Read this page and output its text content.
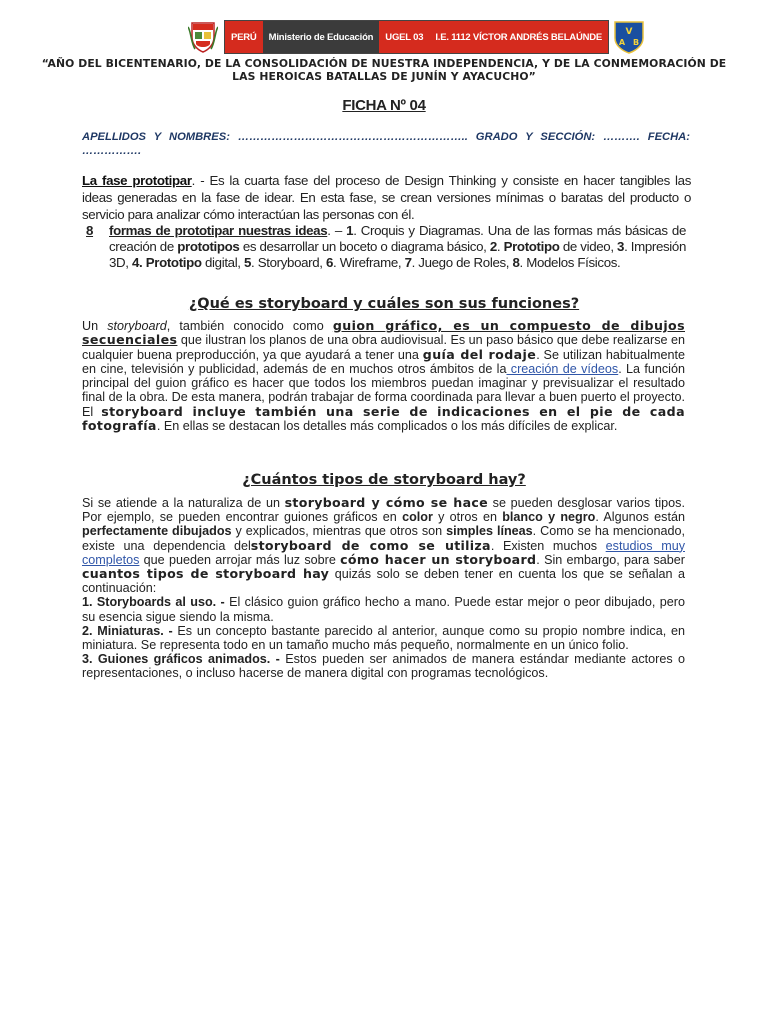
PERÚ	Ministerio de Educación	UGEL 03	I.E. 1112 VÍCTOR ANDRÉS BELAÚNDE	V
A B
“AÑO DEL BICENTENARIO, DE LA CONSOLIDACIÓN DE NUESTRA INDEPENDENCIA, Y DE LA CONMEMORACIÓN DE LAS HEROICAS BATALLAS DE JUNÍN Y AYACUCHO”
FICHA Nº 04
APELLIDOS Y NOMBRES: …………………………………………………….. GRADO Y SECCIÓN: ………. FECHA: …………….
La fase prototipar. - Es la cuarta fase del proceso de Design Thinking y consiste en hacer tangibles las ideas generadas en la fase de idear. En esta fase, se crean versiones mínimas o baratas del producto o servicio para analizar cómo interactúan las personas con él.
8	formas de prototipar nuestras ideas. – 1. Croquis y Diagramas. Una de las formas más básicas de creación de prototipos es desarrollar un boceto o diagrama básico, 2. Prototipo de video, 3. Impresión 3D, 4. Prototipo digital, 5. Storyboard, 6. Wireframe, 7. Juego de Roles, 8. Modelos Físicos.
¿Qué es storyboard y cuáles son sus funciones?
Un storyboard, también conocido como guion gráfico, es un compuesto de dibujos secuenciales que ilustran los planos de una obra audiovisual. Es un paso básico que debe realizarse en cualquier buena preproducción, ya que ayudará a tener una guía del rodaje. Se utilizan habitualmente en cine, televisión y publicidad, además de en muchos otros ámbitos de la creación de vídeos. La función principal del guion gráfico es hacer que todos los miembros puedan imaginar y previsualizar el resultado final de la obra. De esta manera, podrán trabajar de forma coordinada para llevar a buen puerto el proyecto. El storyboard incluye también una serie de indicaciones en el pie de cada fotografía. En ellas se destacan los detalles más complicados o los más difíciles de explicar.
¿Cuántos tipos de storyboard hay?

Si se atiende a la naturaliza de un storyboard y cómo se hace se pueden desglosar varios tipos. Por ejemplo, se pueden encontrar guiones gráficos en color y otros en blanco y negro. Algunos están perfectamente dibujados y explicados, mientras que otros son simples líneas. Como se ha mencionado, existe una dependencia delstoryboard de como se utiliza. Existen muchos estudios muy completos que pueden arrojar más luz sobre cómo hacer un storyboard. Sin embargo, para saber cuantos tipos de storyboard hay quizás solo se deben tener en cuenta los que se señalan a continuación:

1. Storyboards al uso. - El clásico guion gráfico hecho a mano. Puede estar mejor o peor dibujado, pero su esencia sigue siendo la misma.

2. Miniaturas. - Es un concepto bastante parecido al anterior, aunque como su propio nombre indica, en miniatura. Se representa todo en un tamaño mucho más pequeño, normalmente en un único folio.

3. Guiones gráficos animados. - Estos pueden ser animados de manera estándar mediante actores o representaciones, o incluso hacerse de manera digital con programas tecnológicos.
